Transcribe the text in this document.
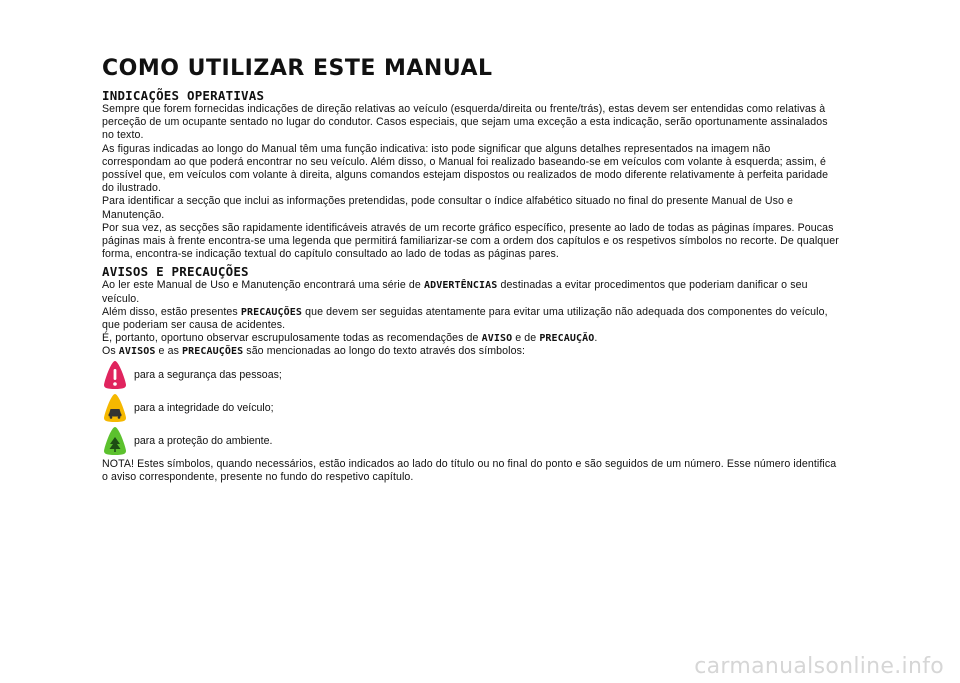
COMO UTILIZAR ESTE MANUAL
INDICAÇÕES OPERATIVAS

Sempre que forem fornecidas indicações de direção relativas ao veículo (esquerda/direita ou frente/trás), estas devem ser entendidas como relativas à perceção de um ocupante sentado no lugar do condutor. Casos especiais, que sejam uma exceção a esta indicação, serão oportunamente assinalados no texto.

As figuras indicadas ao longo do Manual têm uma função indicativa: isto pode significar que alguns detalhes representados na imagem não correspondam ao que poderá encontrar no seu veículo. Além disso, o Manual foi realizado baseando-se em veículos com volante à esquerda; assim, é possível que, em veículos com volante à direita, alguns comandos estejam dispostos ou realizados de modo diferente relativamente à perfeita paridade do ilustrado.

Para identificar a secção que inclui as informações pretendidas, pode consultar o índice alfabético situado no final do presente Manual de Uso e Manutenção.

Por sua vez, as secções são rapidamente identificáveis através de um recorte gráfico específico, presente ao lado de todas as páginas ímpares. Poucas páginas mais à frente encontra-se uma legenda que permitirá familiarizar-se com a ordem dos capítulos e os respetivos símbolos no recorte. De qualquer forma, encontra-se indicação textual do capítulo consultado ao lado de todas as páginas pares.

AVISOS E PRECAUÇÕES

Ao ler este Manual de Uso e Manutenção encontrará uma série de ADVERTÊNCIAS destinadas a evitar procedimentos que poderiam danificar o seu veículo.

Além disso, estão presentes PRECAUÇÕES que devem ser seguidas atentamente para evitar uma utilização não adequada dos componentes do veículo, que poderiam ser causa de acidentes.

É, portanto, oportuno observar escrupulosamente todas as recomendações de AVISO e de PRECAUÇÃO.

Os AVISOS e as PRECAUÇÕES são mencionadas ao longo do texto através dos símbolos:

para a segurança das pessoas;
para a integridade do veículo;
para a proteção do ambiente.

NOTA! Estes símbolos, quando necessários, estão indicados ao lado do título ou no final do ponto e são seguidos de um número. Esse número identifica o aviso correspondente, presente no fundo do respetivo capítulo.

carmanualsonline.info
